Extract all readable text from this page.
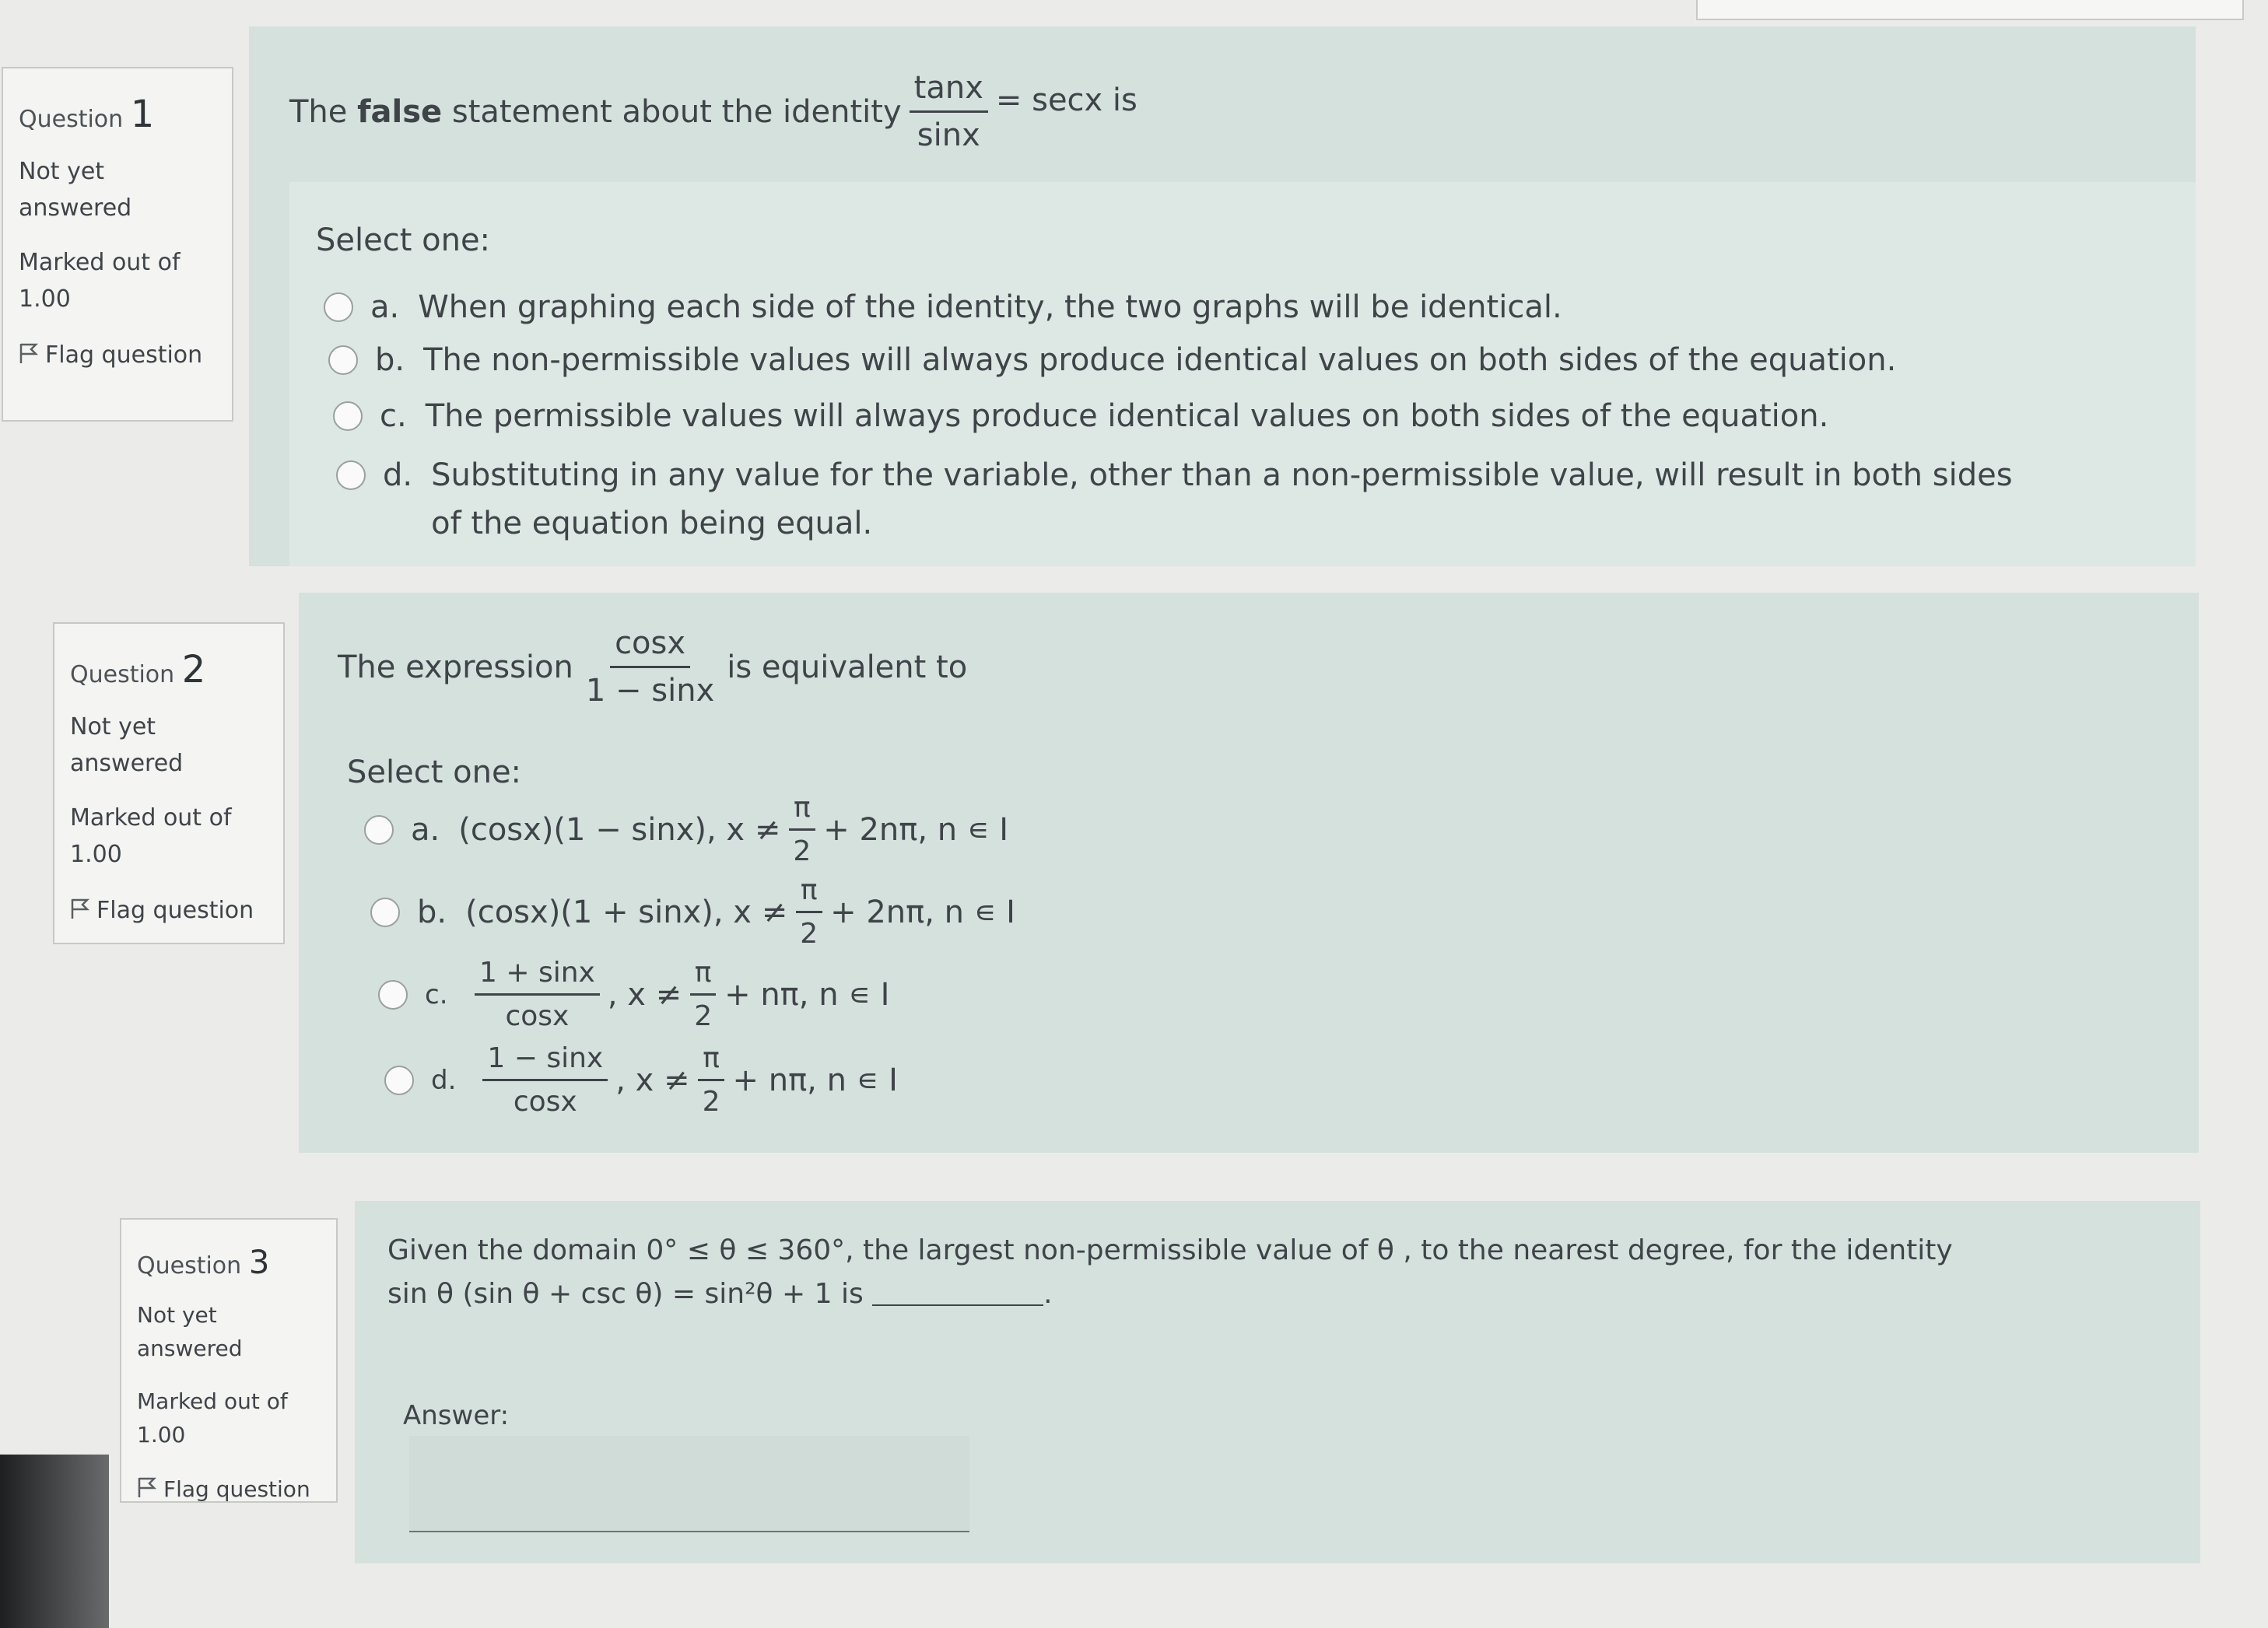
Question 1
Not yet answered
Marked out of 1.00
Flag question
The
false
statement about the identity $\frac{\tan x}{\sin x} = \sec x$ is
Select one:
a. When graphing each side of the identity, the two graphs will be identical.
b. The non-permissible values will always produce identical values on both sides of the equation.
c. The permissible values will always produce identical values on both sides of the equation.
d. Substituting in any value for the variable, other than a non-permissible value, will result in both sides of the equation being equal.
Question 2
Not yet answered
Marked out of 1.00
Flag question
The expression $\frac{\cos x}{1 - \sin x}$ is equivalent to
Select one:
a. (cosx)(1 − sinx), $x \ne \frac{\pi}{2} + 2n\pi$, n ∊ I
b. (cosx)(1 + sinx), $x \ne \frac{\pi}{2} + 2n\pi$, n ∊ I
c. $\frac{1 + \sin x}{\cos x}$ , $x \ne \frac{\pi}{2} + n\pi$, n ∊ I
d. $\frac{1 - \sin x}{\cos x}$ , $x \ne \frac{\pi}{2} + n\pi$, n ∊ I
Question 3
Not yet answered
Marked out of 1.00
Flag question
Given the domain 0° ≤ θ ≤ 360°, the largest non-permissible value of θ , to the nearest degree, for the identity
sin θ (sin θ + csc θ) = sin²θ + 1 is	.
Answer:
